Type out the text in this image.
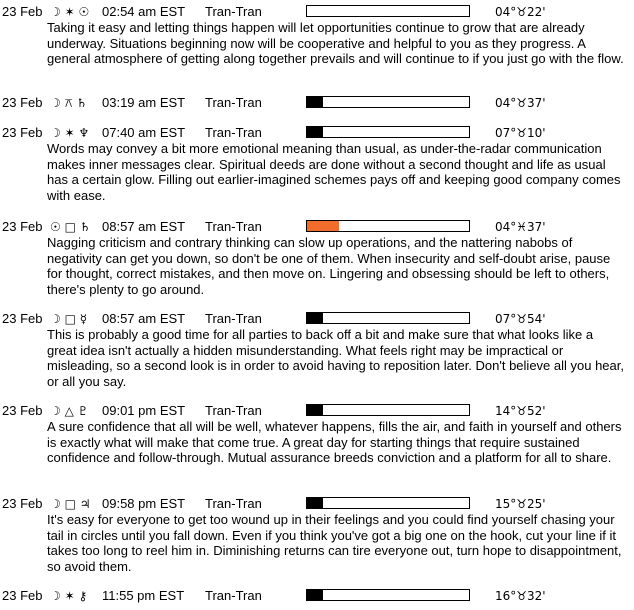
23 Feb ☽ ✶ ☉ 02:54 am EST Tran-Tran	04°♉22'

Taking it easy and letting things happen will let opportunities continue to grow that are already underway. Situations beginning now will be cooperative and helpful to you as they progress. A general atmosphere of getting along together prevails and will continue to if you just go with the flow.

23 Feb ☽ ⚻ ♄ 03:19 am EST Tran-Tran	04°♉37'
23 Feb ☽ ✶ ♆ 07:40 am EST Tran-Tran	07°♉10'

Words may convey a bit more emotional meaning than usual, as under-the-radar communication makes inner messages clear. Spiritual deeds are done without a second thought and life as usual has a certain glow. Filling out earlier-imagined schemes pays off and keeping good company comes with ease.

23 Feb ☉ □ ♄ 08:57 am EST Tran-Tran	04°♓37'

Nagging criticism and contrary thinking can slow up operations, and the nattering nabobs of negativity can get you down, so don't be one of them. When insecurity and self-doubt arise, pause for thought, correct mistakes, and then move on. Lingering and obsessing should be left to others, there's plenty to go around.

23 Feb ☽ □ ☿ 08:57 am EST Tran-Tran	07°♉54'

This is probably a good time for all parties to back off a bit and make sure that what looks like a great idea isn't actually a hidden misunderstanding. What feels right may be impractical or misleading, so a second look is in order to avoid having to reposition later. Don't believe all you hear, or all you say.

23 Feb ☽ △ ♇ 09:01 pm EST Tran-Tran	14°♉52'

A sure confidence that all will be well, whatever happens, fills the air, and faith in yourself and others is exactly what will make that come true. A great day for starting things that require sustained confidence and follow-through. Mutual assurance breeds conviction and a platform for all to share.

23 Feb ☽ □ ♃ 09:58 pm EST Tran-Tran	15°♉25'

It's easy for everyone to get too wound up in their feelings and you could find yourself chasing your tail in circles until you fall down. Even if you think you've got a big one on the hook, cut your line if it takes too long to reel him in. Diminishing returns can tire everyone out, turn hope to disappointment, so avoid them.

23 Feb ☽ ✶ ⚷ 11:55 pm EST Tran-Tran	16°♉32'
